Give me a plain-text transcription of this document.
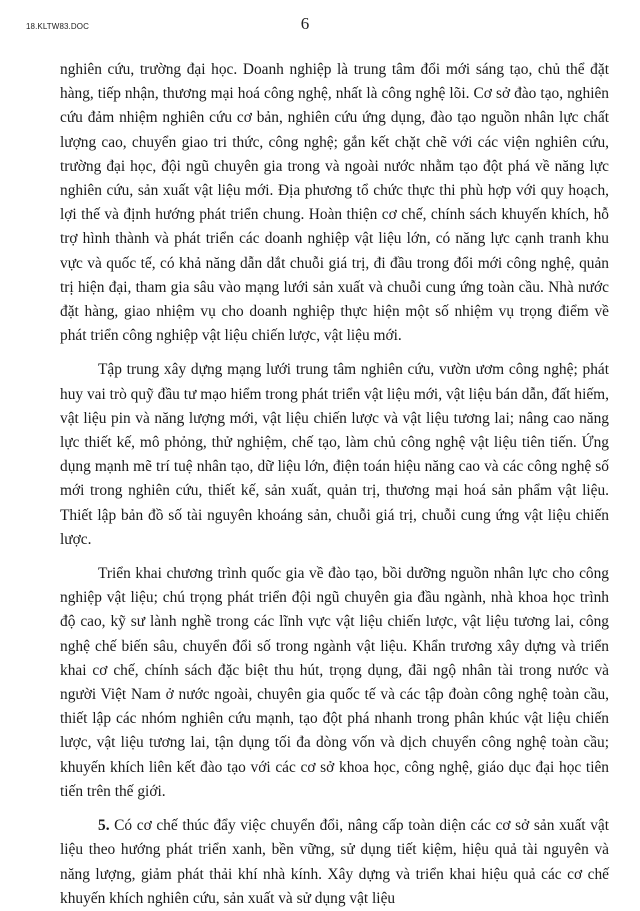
18.KLTW83.DOC	6

nghiên cứu, trường đại học. Doanh nghiệp là trung tâm đổi mới sáng tạo, chủ thể đặt hàng, tiếp nhận, thương mại hoá công nghệ, nhất là công nghệ lõi. Cơ sở đào tạo, nghiên cứu đảm nhiệm nghiên cứu cơ bản, nghiên cứu ứng dụng, đào tạo nguồn nhân lực chất lượng cao, chuyển giao tri thức, công nghệ; gắn kết chặt chẽ với các viện nghiên cứu, trường đại học, đội ngũ chuyên gia trong và ngoài nước nhằm tạo đột phá về năng lực nghiên cứu, sản xuất vật liệu mới. Địa phương tổ chức thực thi phù hợp với quy hoạch, lợi thế và định hướng phát triển chung. Hoàn thiện cơ chế, chính sách khuyến khích, hỗ trợ hình thành và phát triển các doanh nghiệp vật liệu lớn, có năng lực cạnh tranh khu vực và quốc tế, có khả năng dẫn dắt chuỗi giá trị, đi đầu trong đổi mới công nghệ, quản trị hiện đại, tham gia sâu vào mạng lưới sản xuất và chuỗi cung ứng toàn cầu. Nhà nước đặt hàng, giao nhiệm vụ cho doanh nghiệp thực hiện một số nhiệm vụ trọng điểm về phát triển công nghiệp vật liệu chiến lược, vật liệu mới.

Tập trung xây dựng mạng lưới trung tâm nghiên cứu, vườn ươm công nghệ; phát huy vai trò quỹ đầu tư mạo hiểm trong phát triển vật liệu mới, vật liệu bán dẫn, đất hiếm, vật liệu pin và năng lượng mới, vật liệu chiến lược và vật liệu tương lai; nâng cao năng lực thiết kế, mô phỏng, thử nghiệm, chế tạo, làm chủ công nghệ vật liệu tiên tiến. Ứng dụng mạnh mẽ trí tuệ nhân tạo, dữ liệu lớn, điện toán hiệu năng cao và các công nghệ số mới trong nghiên cứu, thiết kế, sản xuất, quản trị, thương mại hoá sản phẩm vật liệu. Thiết lập bản đồ số tài nguyên khoáng sản, chuỗi giá trị, chuỗi cung ứng vật liệu chiến lược.

Triển khai chương trình quốc gia về đào tạo, bồi dưỡng nguồn nhân lực cho công nghiệp vật liệu; chú trọng phát triển đội ngũ chuyên gia đầu ngành, nhà khoa học trình độ cao, kỹ sư lành nghề trong các lĩnh vực vật liệu chiến lược, vật liệu tương lai, công nghệ chế biến sâu, chuyển đổi số trong ngành vật liệu. Khẩn trương xây dựng và triển khai cơ chế, chính sách đặc biệt thu hút, trọng dụng, đãi ngộ nhân tài trong nước và người Việt Nam ở nước ngoài, chuyên gia quốc tế và các tập đoàn công nghệ toàn cầu, thiết lập các nhóm nghiên cứu mạnh, tạo đột phá nhanh trong phân khúc vật liệu chiến lược, vật liệu tương lai, tận dụng tối đa dòng vốn và dịch chuyển công nghệ toàn cầu; khuyến khích liên kết đào tạo với các cơ sở khoa học, công nghệ, giáo dục đại học tiên tiến trên thế giới.

5. Có cơ chế thúc đẩy việc chuyển đổi, nâng cấp toàn diện các cơ sở sản xuất vật liệu theo hướng phát triển xanh, bền vững, sử dụng tiết kiệm, hiệu quả tài nguyên và năng lượng, giảm phát thải khí nhà kính. Xây dựng và triển khai hiệu quả các cơ chế khuyến khích nghiên cứu, sản xuất và sử dụng vật liệu
